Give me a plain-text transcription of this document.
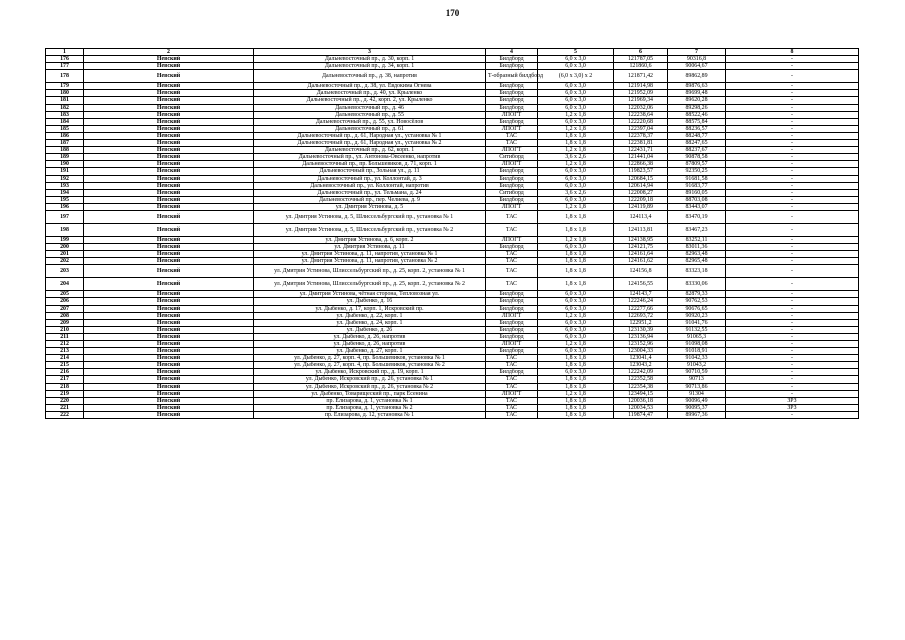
170
1	2	3	4	5	6	7	8
176	Невский	Дальневосточный пр., д. 30, корп. 1	Билдборд	6,0 х 3,0	121787,05	90316,8	-
177	Невский	Дальневосточный пр., д. 34, корп. 1	Билдборд	6,0 х 3,0	121860,6	90064,67	-
178	Невский	Дальневосточный пр., д. 38, напротив	Т-образный билдборд	(6,0 х 3,0) х 2	121871,42	89862,89	-
179	Невский	Дальневосточный пр., д. 38, ул. Евдокима Огнева	Билдборд	6,0 х 3,0	121914,98	89876,63	-
180	Невский	Дальневосточный пр., д. 40, ул. Крыленко	Билдборд	6,0 х 3,0	121952,09	89699,48	-
181	Невский	Дальневосточный пр., д. 42, корп. 2, ул. Крыленко	Билдборд	6,0 х 3,0	121969,34	89620,28	-
182	Невский	Дальневосточный пр., д. 46	Билдборд	6,0 х 3,0	122032,06	89298,26	-
183	Невский	Дальневосточный пр., д. 55	ЛПОГТ	1,2 х 1,8	122238,64	88522,46	-
184	Невский	Дальневосточный пр., д. 55, ул. Новосёлов	Билдборд	6,0 х 3,0	122220,68	88575,84	-
185	Невский	Дальневосточный пр., д. 61	ЛПОГТ	1,2 х 1,8	122397,04	88236,57	-
186	Невский	Дальневосточный пр., д. 61, Народная ул., установка № 1	ТАС	1,8 х 1,8	122378,37	88248,77	-
187	Невский	Дальневосточный пр., д. 61, Народная ул., установка № 2	ТАС	1,8 х 1,8	122381,81	88247,65	-
188	Невский	Дальневосточный пр., д. 62, корп. 1	ЛПОГТ	1,2 х 1,8	122431,71	88237,67	-
189	Невский	Дальневосточный пр., ул. Антонова-Овсеенко, напротив	Ситиборд	3,6 х 2,6	121441,04	90878,58	-
190	Невский	Дальневосточный пр., пр. Большевиков, д. 71, корп. 1	ЛПОГТ	1,2 х 1,8	122866,38	87809,57	-
191	Невский	Дальневосточный пр., Зольная ул., д. 11	Билдборд	6,0 х 3,0	119823,57	92350,25	-
192	Невский	Дальневосточный пр., ул. Коллонтай, д. 3	Билдборд	6,0 х 3,0	120684,15	91681,58	-
193	Невский	Дальневосточный пр., ул. Коллонтай, напротив	Билдборд	6,0 х 3,0	120614,94	91683,77	-
194	Невский	Дальневосточный пр., ул. Тельмана, д. 24	Ситиборд	3,6 х 2,6	122008,27	89160,05	-
195	Невский	Дальневосточный пр., пер. Челиева, д. 9	Билдборд	6,0 х 3,0	122209,18	88703,08	-
196	Невский	ул. Дмитрия Устинова, д. 5	ЛПОГТ	1,2 х 1,8	124119,89	83443,07	-
197	Невский	ул. Дмитрия Устинова, д. 5, Шлиссельбургский пр., установка № 1	ТАС	1,8 х 1,8	124113,4	83470,19	-
198	Невский	ул. Дмитрия Устинова, д. 5, Шлиссельбургский пр., установка № 2	ТАС	1,8 х 1,8	124113,81	83467,23	-
199	Невский	ул. Дмитрия Устинова, д. 6, корп. 2	ЛПОГТ	1,2 х 1,8	124138,95	83252,11	-
200	Невский	ул. Дмитрия Устинова, д. 11	Билдборд	6,0 х 3,0	124121,75	83011,36	-
201	Невский	ул. Дмитрия Устинова, д. 11, напротив, установка № 1	ТАС	1,8 х 1,8	124161,64	82963,48	-
202	Невский	ул. Дмитрия Устинова, д. 11, напротив, установка № 2	ТАС	1,8 х 1,8	124161,62	82965,48	-
203	Невский	ул. Дмитрия Устинова, Шлиссельбургский пр., д. 25, корп. 2, установка № 1	ТАС	1,8 х 1,8	124156,8	83323,18	-
204	Невский	ул. Дмитрия Устинова, Шлиссельбургский пр., д. 25, корп. 2, установка № 2	ТАС	1,8 х 1,8	124156,55	83330,06	-
205	Невский	ул. Дмитрия Устинова, чётная сторона, Тепловозная ул.	Билдборд	6,0 х 3,0	124143,7	82879,33	-
206	Невский	ул. Дыбенко, д. 16	Билдборд	6,0 х 3,0	122246,24	90762,53	-
207	Невский	ул. Дыбенко, д. 17, корп. 1, Искровский пр.	Билдборд	6,0 х 3,0	122277,66	90676,65	-
208	Невский	ул. Дыбенко, д. 22, корп. 1	ЛПОГТ	1,2 х 1,8	122693,72	90920,23	-
209	Невский	ул. Дыбенко, д. 24, корп. 1	Билдборд	6,0 х 3,0	122951,2	91041,76	-
210	Невский	ул. Дыбенко, д. 26	Билдборд	6,0 х 3,0	123130,39	91132,55	-
211	Невский	ул. Дыбенко, д. 26, напротив	Билдборд	6,0 х 3,0	123136,94	91065,3	-
212	Невский	ул. Дыбенко, д. 26, напротив	ЛПОГТ	1,2 х 1,8	123152,96	91098,08	-
213	Невский	ул. Дыбенко, д. 27, корп. 1	Билдборд	6,0 х 3,0	123004,33	91018,91	-
214	Невский	ул. Дыбенко, д. 27, корп. 4, пр. Большевиков, установка № 1	ТАС	1,8 х 1,8	123041,4	91042,33	-
215	Невский	ул. Дыбенко, д. 27, корп. 4, пр. Большевиков, установка № 2	ТАС	1,8 х 1,8	123043,2	91043,2	-
216	Невский	ул. Дыбенко, Искровский пр., д. 19, корп. 1	Билдборд	6,0 х 3,0	122242,09	90710,59	-
217	Невский	ул. Дыбенко, Искровский пр., д. 26, установка № 1	ТАС	1,8 х 1,8	122352,58	90713	-
218	Невский	ул. Дыбенко, Искровский пр., д. 26, установка № 2	ТАС	1,8 х 1,8	122354,38	90713,86	-
219	Невский	ул. Дыбенко, Товарищеский пр., парк Есенина	ЛПОГТ	1,2 х 1,8	123494,15	91304	-
220	Невский	пр. Елизарова, д. 1, установка № 1	ТАС	1,8 х 1,8	120036,18	90096,49	ЗРЗ
221	Невский	пр. Елизарова, д. 1, установка № 2	ТАС	1,8 х 1,8	120034,53	90095,37	ЗРЗ
222	Невский	пр. Елизарова, д. 12, установка № 1	ТАС	1,8 х 1,8	119874,47	89967,36	-
